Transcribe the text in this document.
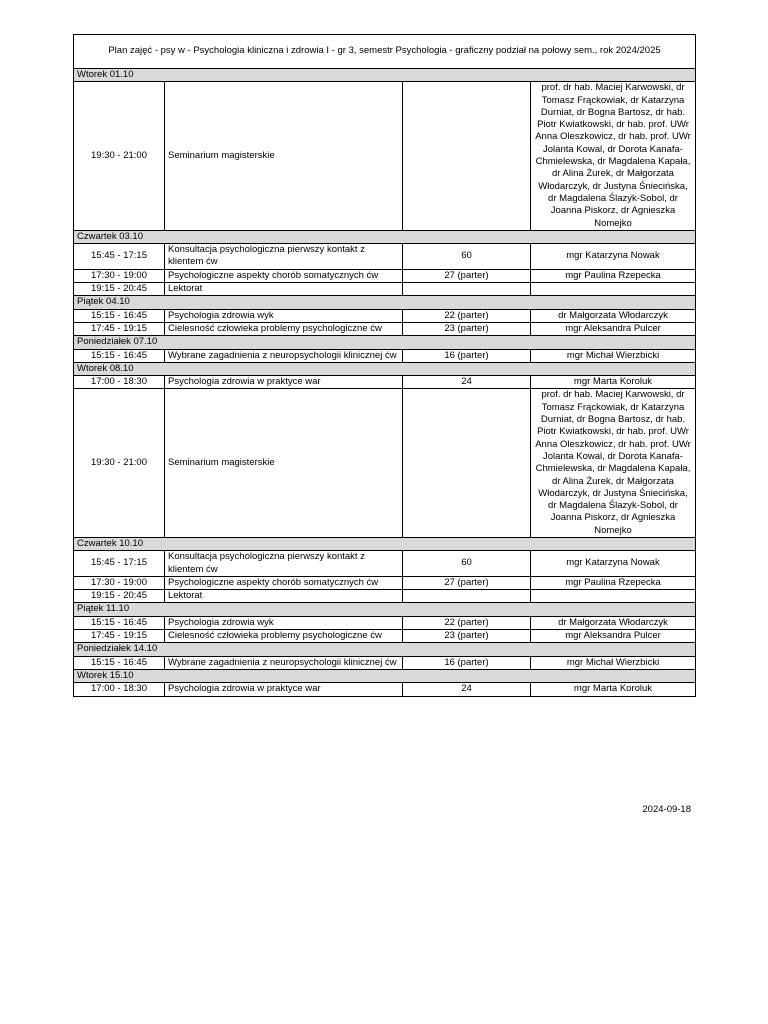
Plan zajęć - psy w - Psychologia kliniczna i zdrowia I - gr 3, semestr Psychologia - graficzny podział na połowy sem., rok 2024/2025			
Wtorek 01.10			
19:30 - 21:00	Seminarium magisterskie		prof. dr hab. Maciej Karwowski, dr Tomasz Frąckowiak, dr Katarzyna Durniat, dr Bogna Bartosz, dr hab. Piotr Kwiatkowski, dr hab. prof. UWr Anna Oleszkowicz, dr hab. prof. UWr Jolanta Kowal, dr Dorota Kanafa-Chmielewska, dr Magdalena Kapała, dr Alina Żurek, dr Małgorzata Włodarczyk, dr Justyna Śniecińska, dr Magdalena Ślazyk-Sobol, dr Joanna Piskorz, dr Agnieszka Nomejko
Czwartek 03.10			
15:45 - 17:15	Konsultacja psychologiczna pierwszy kontakt z klientem ćw	60	mgr Katarzyna Nowak
17:30 - 19:00	Psychologiczne aspekty chorób somatycznych ćw	27 (parter)	mgr Paulina Rzepecka
19:15 - 20:45	Lektorat		
Piątek 04.10			
15:15 - 16:45	Psychologia zdrowia wyk	22 (parter)	dr Małgorzata Włodarczyk
17:45 - 19:15	Cielesność człowieka problemy psychologiczne ćw	23 (parter)	mgr Aleksandra Pulcer
Poniedziałek 07.10			
15:15 - 16:45	Wybrane zagadnienia z neuropsychologii klinicznej ćw	16 (parter)	mgr Michał Wierzbicki
Wtorek 08.10			
17:00 - 18:30	Psychologia zdrowia w praktyce war	24	mgr Marta Koroluk
19:30 - 21:00	Seminarium magisterskie		prof. dr hab. Maciej Karwowski, dr Tomasz Frąckowiak, dr Katarzyna Durniat, dr Bogna Bartosz, dr hab. Piotr Kwiatkowski, dr hab. prof. UWr Anna Oleszkowicz, dr hab. prof. UWr Jolanta Kowal, dr Dorota Kanafa-Chmielewska, dr Magdalena Kapała, dr Alina Żurek, dr Małgorzata Włodarczyk, dr Justyna Śniecińska, dr Magdalena Ślazyk-Sobol, dr Joanna Piskorz, dr Agnieszka Nomejko
Czwartek 10.10			
15:45 - 17:15	Konsultacja psychologiczna pierwszy kontakt z klientem ćw	60	mgr Katarzyna Nowak
17:30 - 19:00	Psychologiczne aspekty chorób somatycznych ćw	27 (parter)	mgr Paulina Rzepecka
19:15 - 20:45	Lektorat		
Piątek 11.10			
15:15 - 16:45	Psychologia zdrowia wyk	22 (parter)	dr Małgorzata Włodarczyk
17:45 - 19:15	Cielesność człowieka problemy psychologiczne ćw	23 (parter)	mgr Aleksandra Pulcer
Poniedziałek 14.10			
15:15 - 16:45	Wybrane zagadnienia z neuropsychologii klinicznej ćw	16 (parter)	mgr Michał Wierzbicki
Wtorek 15.10			
17:00 - 18:30	Psychologia zdrowia w praktyce war	24	mgr Marta Koroluk
2024-09-18
